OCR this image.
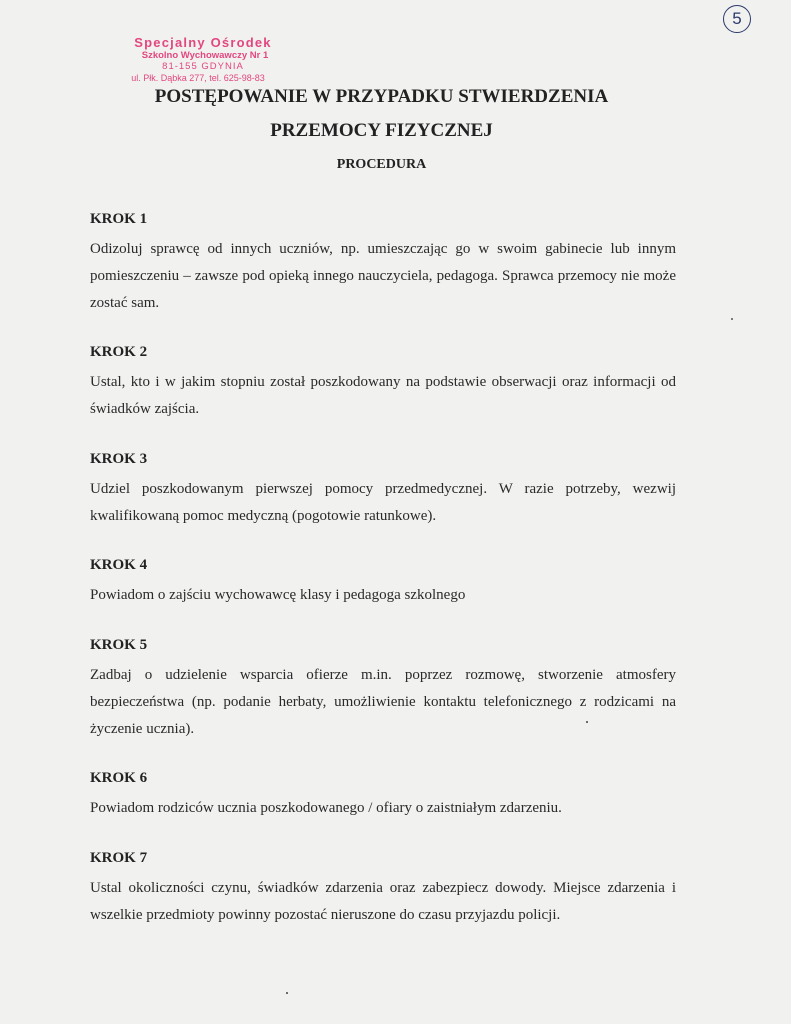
Specjalny Ośrodek
Szkolno Wychowawczy Nr 1
81-155 GDYNIA
ul. Płk. Dąbka 277, tel. 625-98-83
5
POSTĘPOWANIE W PRZYPADKU STWIERDZENIA
PRZEMOCY FIZYCZNEJ
PROCEDURA

KROK 1

Odizoluj sprawcę od innych uczniów, np. umieszczając go w swoim gabinecie lub innym pomieszczeniu – zawsze pod opieką innego nauczyciela, pedagoga. Sprawca przemocy nie może zostać sam.

KROK 2

Ustal, kto i w jakim stopniu został poszkodowany na podstawie obserwacji oraz informacji od świadków zajścia.

KROK 3

Udziel poszkodowanym pierwszej pomocy przedmedycznej. W razie potrzeby, wezwij kwalifikowaną pomoc medyczną (pogotowie ratunkowe).

KROK 4

Powiadom o zajściu wychowawcę klasy i pedagoga szkolnego

KROK 5

Zadbaj o udzielenie wsparcia ofierze m.in. poprzez rozmowę, stworzenie atmosfery bezpieczeństwa (np. podanie herbaty, umożliwienie kontaktu telefonicznego z rodzicami na życzenie ucznia).

KROK 6

Powiadom rodziców ucznia poszkodowanego / ofiary o zaistniałym zdarzeniu.

KROK 7

Ustal okoliczności czynu, świadków zdarzenia oraz zabezpiecz dowody. Miejsce zdarzenia i wszelkie przedmioty powinny pozostać nieruszone do czasu przyjazdu policji.
